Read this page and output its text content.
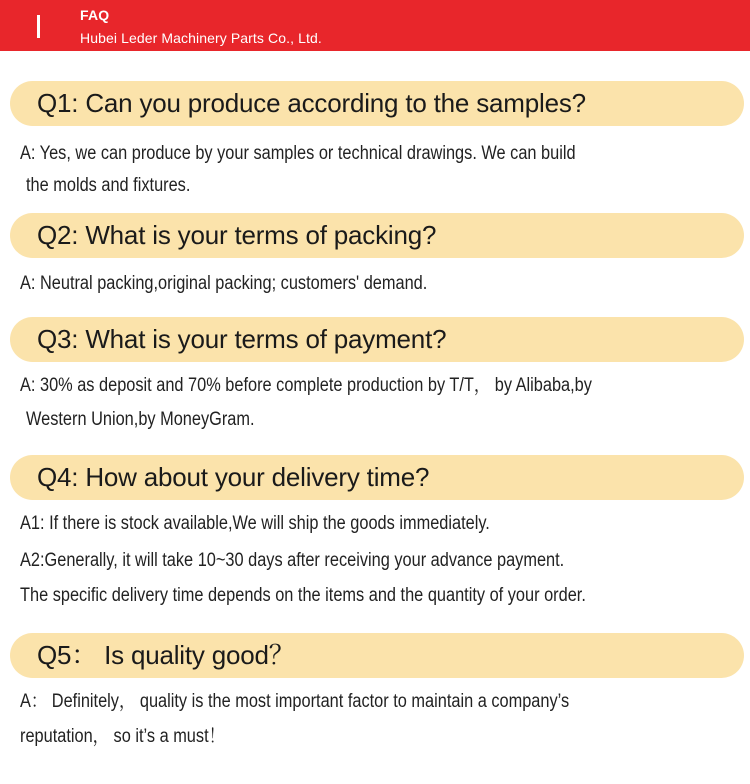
FAQ
Hubei Leder Machinery Parts Co., Ltd.
Q1: Can you produce according to the samples?
A: Yes, we can produce by your samples or technical drawings. We can build
the molds and fixtures.
Q2: What is your terms of packing?
A: Neutral packing,original packing; customers' demand.
Q3: What is your terms of payment?
A: 30% as deposit and 70% before complete production by T/T， by Alibaba,by
Western Union,by MoneyGram.
Q4: How about your delivery time?
A1: If there is stock available,We will ship the goods immediately.
A2:Generally, it will take 10~30 days after receiving your advance payment.
The specific delivery time depends on the items and the quantity of your order.
Q5： Is quality good？
A： Definitely， quality is the most important factor to maintain a company’s
reputation， so it’s a must！
